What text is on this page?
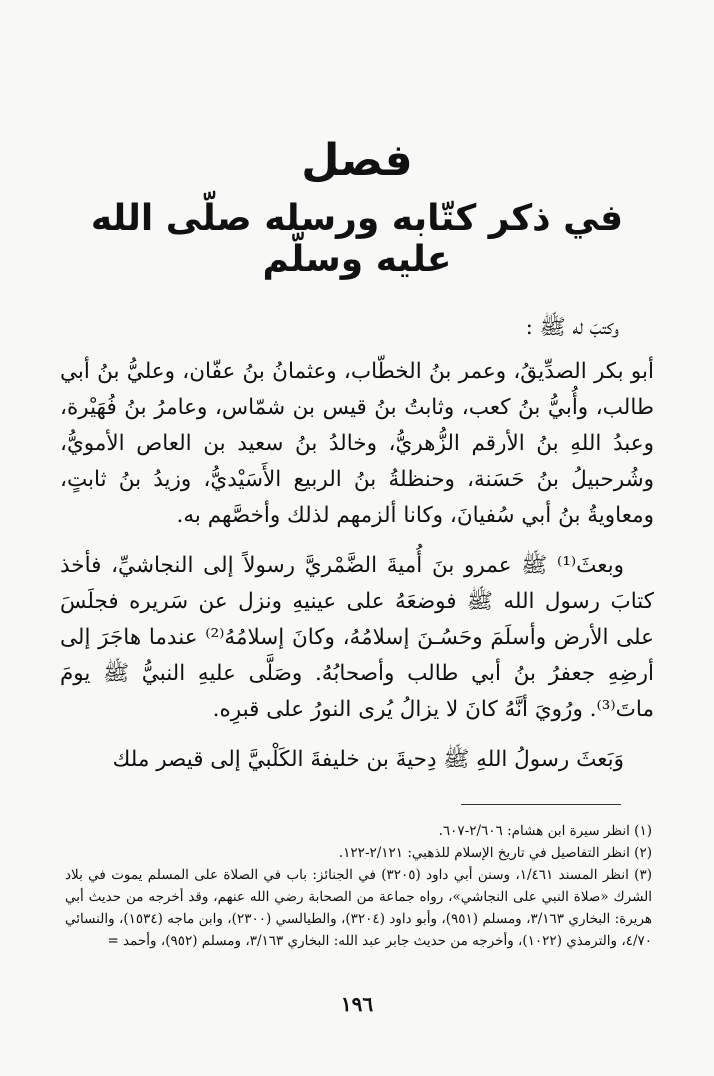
فصل
في ذكر كتّابه ورسله صلّى الله عليه وسلّم

وكتبَ له ﷺ :

أبو بكر الصدِّيقُ، وعمر بنُ الخطّاب، وعثمانُ بنُ عفّان، وعليُّ بنُ أبي طالب، وأُبيُّ بنُ كعب، وثابتُ بنُ قيس بن شمّاس، وعامرُ بنُ فُهَيْرة، وعبدُ اللهِ بنُ الأرقم الزُّهريُّ، وخالدُ بنُ سعيد بن العاص الأمويُّ، وشُرحبيلُ بنُ حَسَنة، وحنظلةُ بنُ الربيع الأَسَيْديُّ، وزيدُ بنُ ثابتٍ، ومعاويةُ بنُ أبي سُفيانَ، وكانا ألزمهم لذلك وأخصَّهم به.

وبعثَ⁽¹⁾ ﷺ عمرو بنَ أُميةَ الضَّمْريَّ رسولاً إلى النجاشيِّ، فأخذ كتابَ رسول الله ﷺ فوضعَهُ على عينيهِ ونزل عن سَريره فجلَسَ على الأرض وأسلَمَ وحَسُـنَ إسلامُهُ، وكانَ إسلامُهُ⁽²⁾ عندما هاجَرَ إلى أرضِهِ جعفرُ بنُ أبي طالب وأصحابُهُ. وصَلَّى عليهِ النبيُّ ﷺ يومَ ماتَ⁽³⁾. ورُويَ أنَّهُ كانَ لا يزالُ يُرى النورُ على قبرِه.

وَبَعثَ رسولُ اللهِ ﷺ دِحيةَ بن خليفةَ الكَلْبيَّ إلى قيصر ملك

(١) انظر سيرة ابن هشام: ٢/٦٠٦-٦٠٧.

(٢) انظر التفاصيل في تاريخ الإسلام للذهبي: ٢/١٢١-١٢٢.

(٣) انظر المسند ١/٤٦١، وسنن أبي داود (٣٢٠٥) في الجنائز: باب في الصلاة على المسلم يموت في بلاد الشرك «صلاة النبي على النجاشي»، رواه جماعة من الصحابة رضي الله عنهم، وقد أخرجه من حديث أبي هريرة: البخاري ٣/١٦٣، ومسلم (٩٥١)، وأبو داود (٣٢٠٤)، والطيالسي (٢٣٠٠)، وابن ماجه (١٥٣٤)، والنسائي ٤/٧٠، والترمذي (١٠٢٢)، وأخرجه من حديث جابر عبد الله: البخاري ٣/١٦٣، ومسلم (٩٥٢)، وأحمد =

١٩٦
